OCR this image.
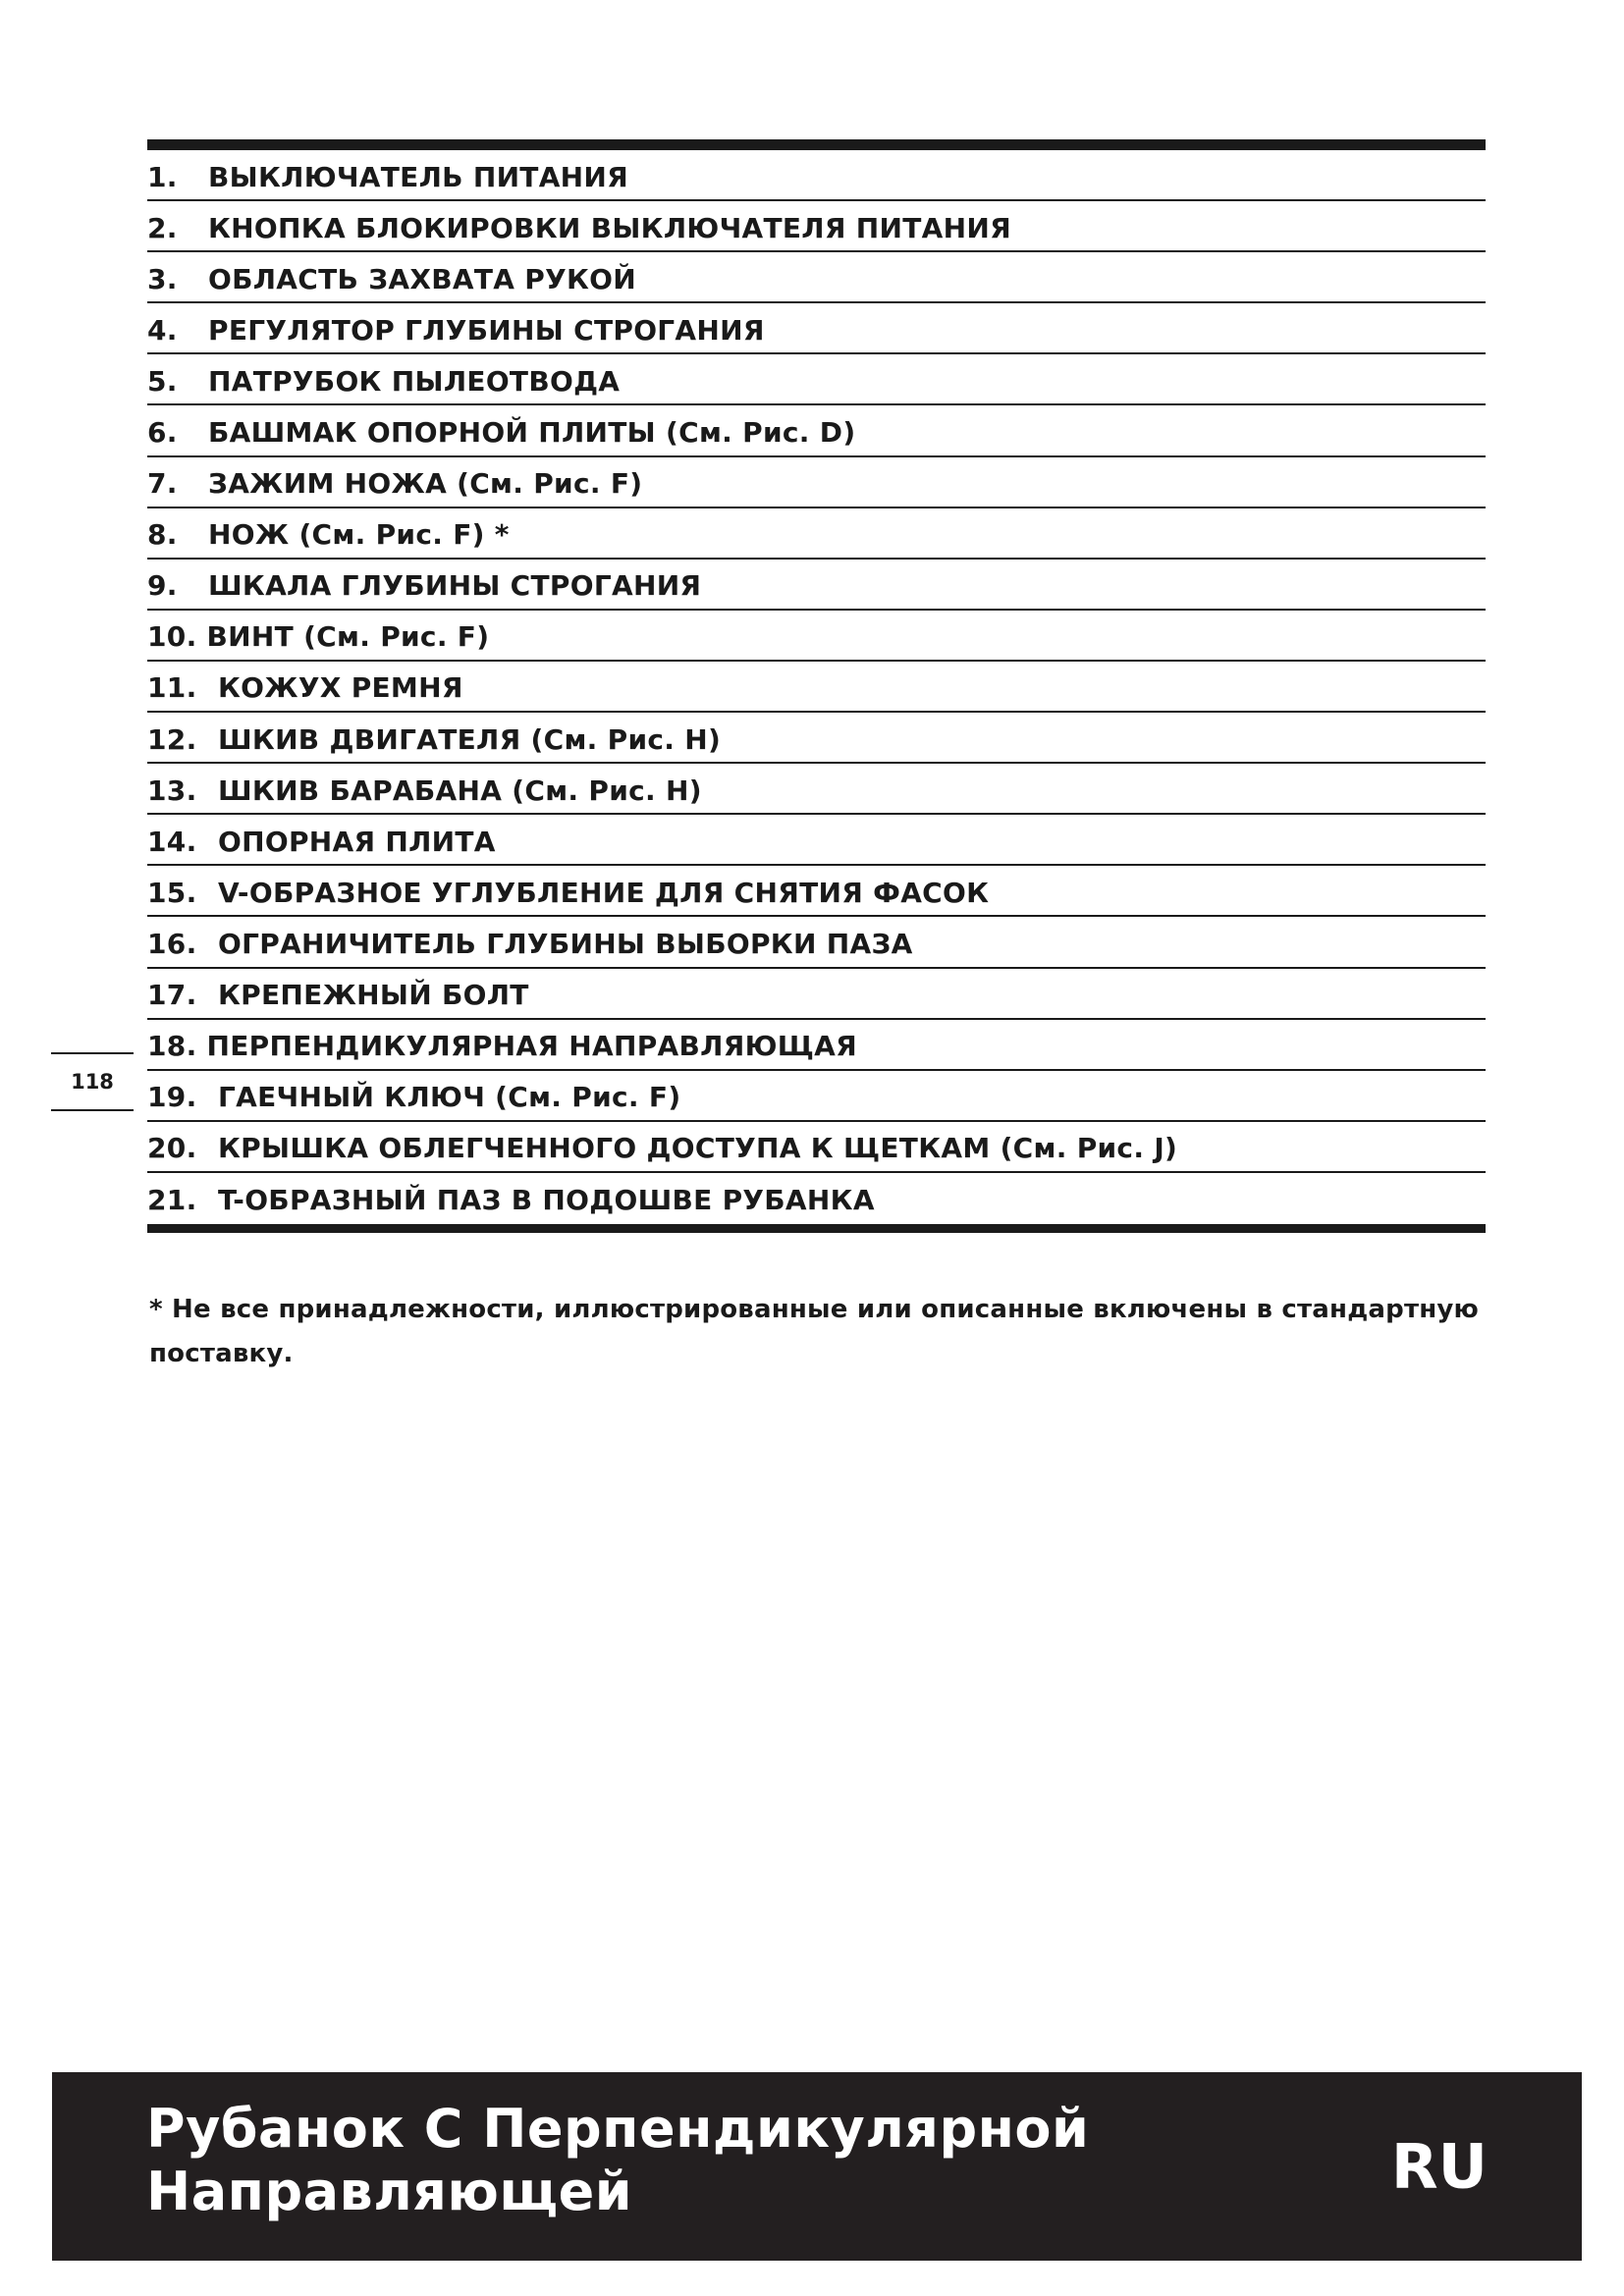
1.	ВЫКЛЮЧАТЕЛЬ ПИТАНИЯ
2.	КНОПКА БЛОКИРОВКИ ВЫКЛЮЧАТЕЛЯ ПИТАНИЯ
3.	ОБЛАСТЬ ЗАХВАТА РУКОЙ
4.	РЕГУЛЯТОР ГЛУБИНЫ СТРОГАНИЯ
5.	ПАТРУБОК ПЫЛЕОТВОДА
6.	БАШМАК ОПОРНОЙ ПЛИТЫ (См. Рис. D)
7.	ЗАЖИМ НОЖА (См. Рис. F)
8.	НОЖ (См. Рис. F) *
9.	ШКАЛА ГЛУБИНЫ СТРОГАНИЯ
10. ВИНТ (См. Рис. F)
11. КОЖУХ РЕМНЯ
12. ШКИВ ДВИГАТЕЛЯ (См. Рис. H)
13. ШКИВ БАРАБАНА (См. Рис. H)
14. ОПОРНАЯ ПЛИТА
15. V-ОБРАЗНОЕ УГЛУБЛЕНИЕ ДЛЯ СНЯТИЯ ФАСОК
16. ОГРАНИЧИТЕЛЬ ГЛУБИНЫ ВЫБОРКИ ПАЗА
17. КРЕПЕЖНЫЙ БОЛТ
18. ПЕРПЕНДИКУЛЯРНАЯ НАПРАВЛЯЮЩАЯ
19. ГАЕЧНЫЙ КЛЮЧ (См. Рис. F)
20. КРЫШКА ОБЛЕГЧЕННОГО ДОСТУПА К ЩЕТКАМ (См. Рис. J)
21. T-ОБРАЗНЫЙ ПАЗ В ПОДОШВЕ РУБАНКА
118
* Не все принадлежности, иллюстрированные или описанные включены в стандартную поставку.
Рубанок С Перпендикулярной
Направляющей	RU
